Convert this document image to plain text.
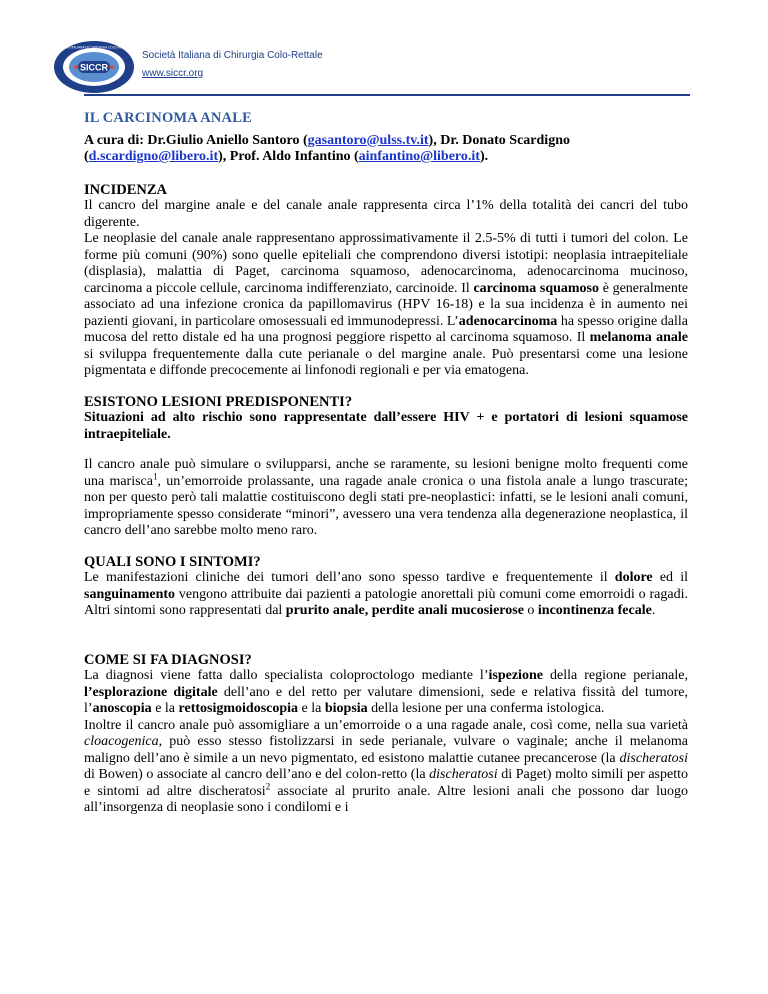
SICCR
SOCIETÀ ITALIANA DI CHIRURGIA COLO-RETTALE
Società Italiana di Chirurgia Colo-Rettale
www.siccr.org
IL CARCINOMA ANALE
A cura di: Dr.Giulio Aniello Santoro (gasantoro@ulss.tv.it), Dr. Donato Scardigno (d.scardigno@libero.it), Prof. Aldo Infantino (ainfantino@libero.it).
INCIDENZA

Il cancro del margine anale e del canale anale rappresenta circa l’1% della totalità dei cancri del tubo digerente.

Le neoplasie del canale anale rappresentano approssimativamente il 2.5-5% di tutti i tumori del colon. Le forme più comuni (90%) sono quelle epiteliali che comprendono diversi istotipi: neoplasia intraepiteliale (displasia), malattia di Paget, carcinoma squamoso, adenocarcinoma, adenocarcinoma mucinoso, carcinoma a piccole cellule, carcinoma indifferenziato, carcinoide. Il carcinoma squamoso è generalmente associato ad una infezione cronica da papillomavirus (HPV 16-18) e la sua incidenza è in aumento nei pazienti giovani, in particolare omosessuali ed immunodepressi. L’adenocarcinoma ha spesso origine dalla mucosa del retto distale ed ha una prognosi peggiore rispetto al carcinoma squamoso. Il melanoma anale si sviluppa frequentemente dalla cute perianale o del margine anale. Può presentarsi come una lesione pigmentata e diffonde precocemente ai linfonodi regionali e per via ematogena.

ESISTONO LESIONI PREDISPONENTI?

Situazioni ad alto rischio sono rappresentate dall’essere HIV + e portatori di lesioni squamose intraepiteliale.

Il cancro anale può simulare o svilupparsi, anche se raramente, su lesioni benigne molto frequenti come una marisca$^1$, un’emorroide prolassante, una ragade anale cronica o una fistola anale a lungo trascurate; non per questo però tali malattie costituiscono degli stati pre-neoplastici: infatti, se le lesioni anali comuni, impropriamente spesso considerate “minori”, avessero una vera tendenza alla degenerazione neoplastica, il cancro dell’ano sarebbe molto meno raro.

QUALI SONO I SINTOMI?

Le manifestazioni cliniche dei tumori dell’ano sono spesso tardive e frequentemente il dolore ed il sanguinamento vengono attribuite dai pazienti a patologie anorettali più comuni come emorroidi o ragadi. Altri sintomi sono rappresentati dal prurito anale, perdite anali mucosierose o incontinenza fecale.

COME SI FA DIAGNOSI?

La diagnosi viene fatta dallo specialista coloproctologo mediante l’ispezione della regione perianale, l’esplorazione digitale dell’ano e del retto per valutare dimensioni, sede e relativa fissità del tumore, l’anoscopia e la rettosigmoidoscopia e la biopsia della lesione per una conferma istologica.

Inoltre il cancro anale può assomigliare a un’emorroide o a una ragade anale, così come, nella sua varietà cloacogenica, può esso stesso fistolizzarsi in sede perianale, vulvare o vaginale; anche il melanoma maligno dell’ano è simile a un nevo pigmentato, ed esistono malattie cutanee precancerose (la discheratosi di Bowen) o associate al cancro dell’ano e del colon-retto (la discheratosi di Paget) molto simili per aspetto e sintomi ad altre discheratosi$^2$ associate al prurito anale. Altre lesioni anali che possono dar luogo all’insorgenza di neoplasie sono i condilomi e i
